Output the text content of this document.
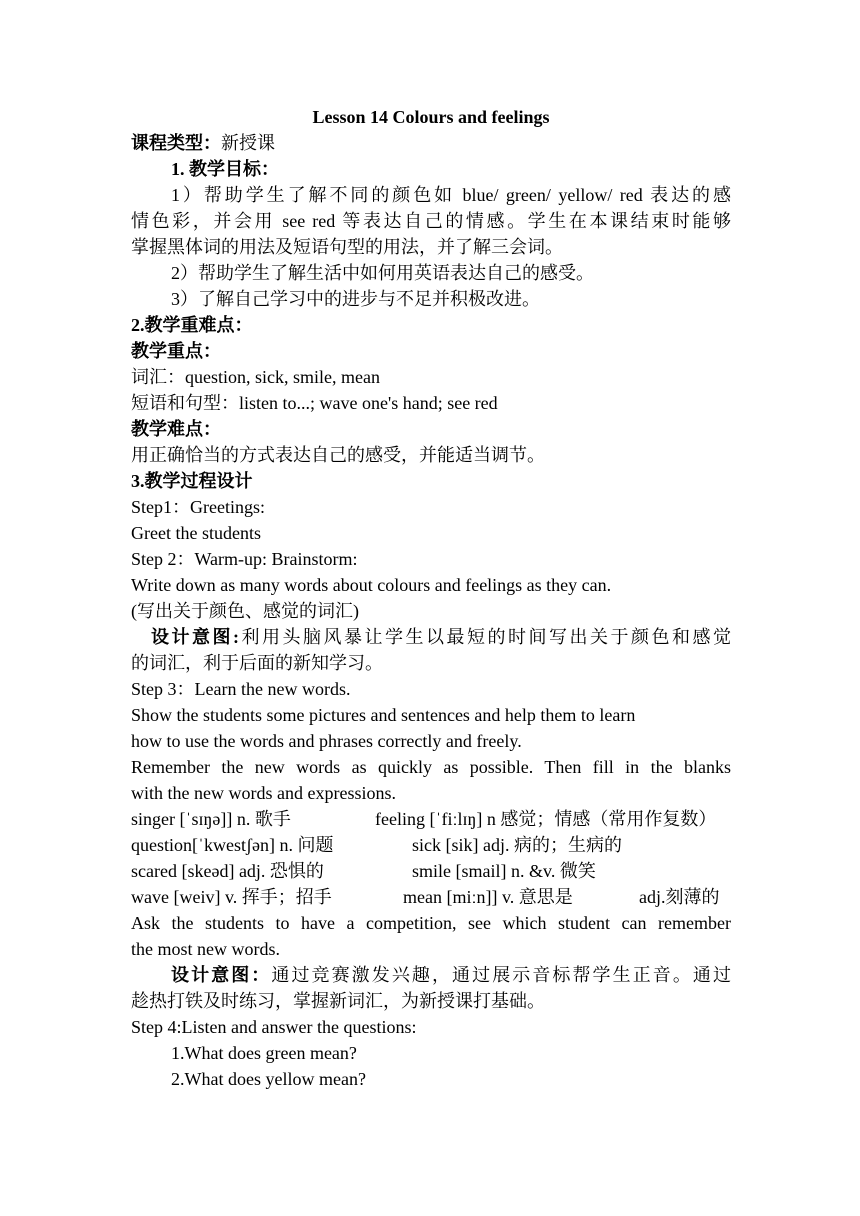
Lesson 14 Colours and feelings
课程类型：新授课
1. 教学目标：
1）帮助学生了解不同的颜色如 blue/ green/ yellow/ red 表达的感
情色彩，并会用 see red 等表达自己的情感。学生在本课结束时能够
掌握黑体词的用法及短语句型的用法，并了解三会词。
2）帮助学生了解生活中如何用英语表达自己的感受。
3）了解自己学习中的进步与不足并积极改进。
2.教学重难点：
教学重点：
词汇：question, sick, smile, mean
短语和句型：listen to...; wave one's hand; see red
教学难点：
用正确恰当的方式表达自己的感受，并能适当调节。
3.教学过程设计
Step1：Greetings:
Greet the students
Step 2：Warm-up: Brainstorm:
Write down as many words about colours and feelings as they can.
(写出关于颜色、感觉的词汇)
设计意图:利用头脑风暴让学生以最短的时间写出关于颜色和感觉
的词汇，利于后面的新知学习。
Step 3：Learn the new words.
Show the students some pictures and sentences and help them to learn
how to use the words and phrases correctly and freely.
Remember the new words as quickly as possible. Then fill in the blanks
with the new words and expressions.
singer [ˈsɪŋə]] n. 歌手	feeling [ˈfiːlɪŋ] n 感觉；情感（常用作复数）
question[ˈkwestʃən] n. 问题	sick [sik] adj. 病的；生病的
scared [skeəd] adj. 恐惧的	smile [smail] n. &v. 微笑
wave [weiv] v. 挥手；招手	mean [miːn]] v. 意思是	adj.刻薄的
Ask the students to have a competition, see which student can remember
the most new words.
设计意图：通过竞赛激发兴趣，通过展示音标帮学生正音。通过
趁热打铁及时练习，掌握新词汇，为新授课打基础。
Step 4:Listen and answer the questions:
1.What does green mean?
2.What does yellow mean?
